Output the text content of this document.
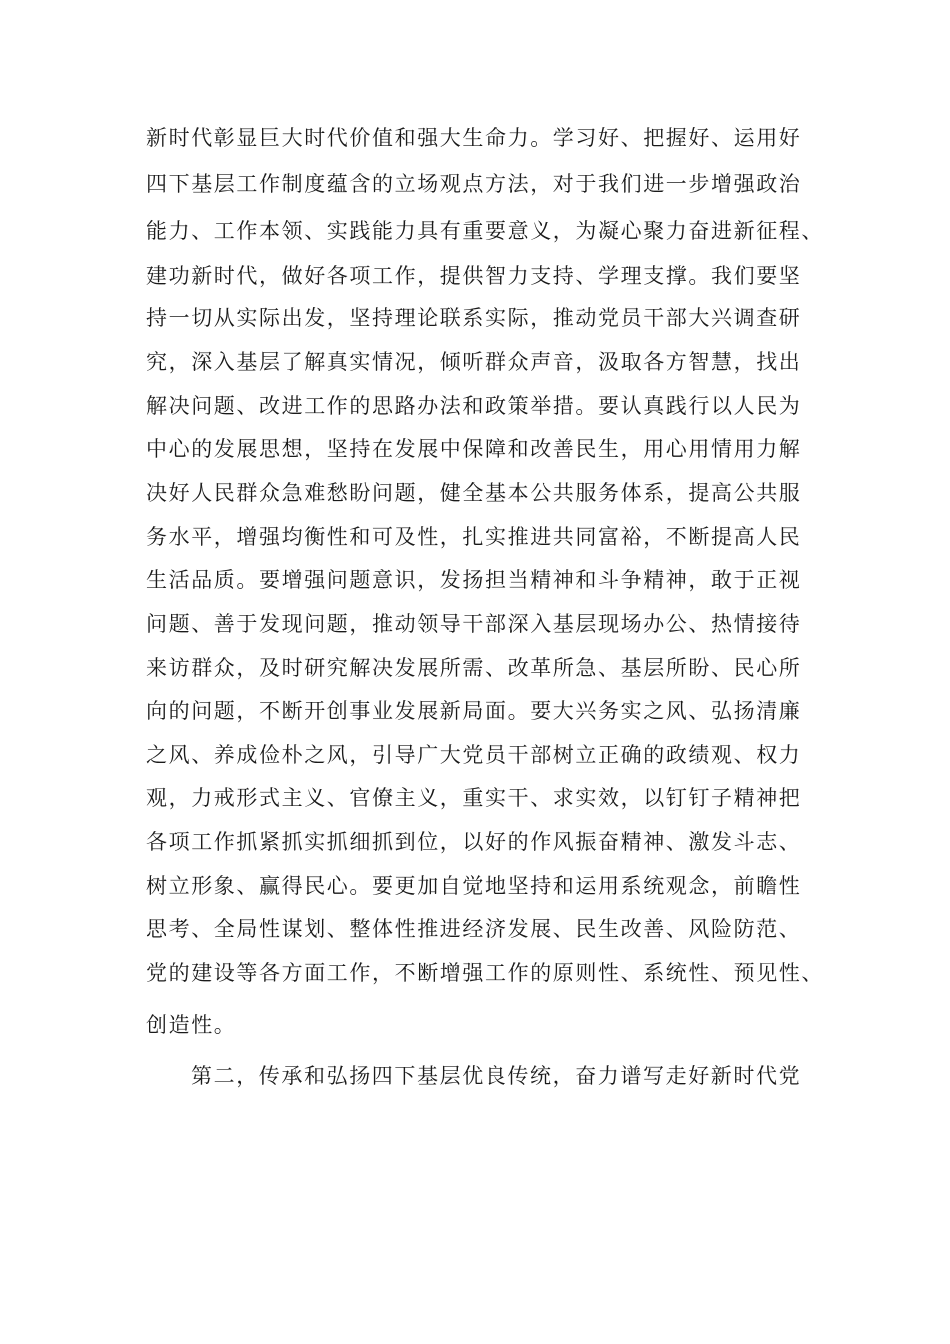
新时代彰显巨大时代价值和强大生命力。学习好、把握好、运用好
四下基层工作制度蕴含的立场观点方法，对于我们进一步增强政治
能力、工作本领、实践能力具有重要意义，为凝心聚力奋进新征程、
建功新时代，做好各项工作，提供智力支持、学理支撑。我们要坚
持一切从实际出发，坚持理论联系实际，推动党员干部大兴调查研
究，深入基层了解真实情况，倾听群众声音，汲取各方智慧，找出
解决问题、改进工作的思路办法和政策举措。要认真践行以人民为
中心的发展思想，坚持在发展中保障和改善民生，用心用情用力解
决好人民群众急难愁盼问题，健全基本公共服务体系，提高公共服
务水平，增强均衡性和可及性，扎实推进共同富裕，不断提高人民
生活品质。要增强问题意识，发扬担当精神和斗争精神，敢于正视
问题、善于发现问题，推动领导干部深入基层现场办公、热情接待
来访群众，及时研究解决发展所需、改革所急、基层所盼、民心所
向的问题，不断开创事业发展新局面。要大兴务实之风、弘扬清廉
之风、养成俭朴之风，引导广大党员干部树立正确的政绩观、权力
观，力戒形式主义、官僚主义，重实干、求实效，以钉钉子精神把
各项工作抓紧抓实抓细抓到位，以好的作风振奋精神、激发斗志、
树立形象、赢得民心。要更加自觉地坚持和运用系统观念，前瞻性
思考、全局性谋划、整体性推进经济发展、民生改善、风险防范、
党的建设等各方面工作，不断增强工作的原则性、系统性、预见性、
创造性。
第二，传承和弘扬四下基层优良传统，奋力谱写走好新时代党
